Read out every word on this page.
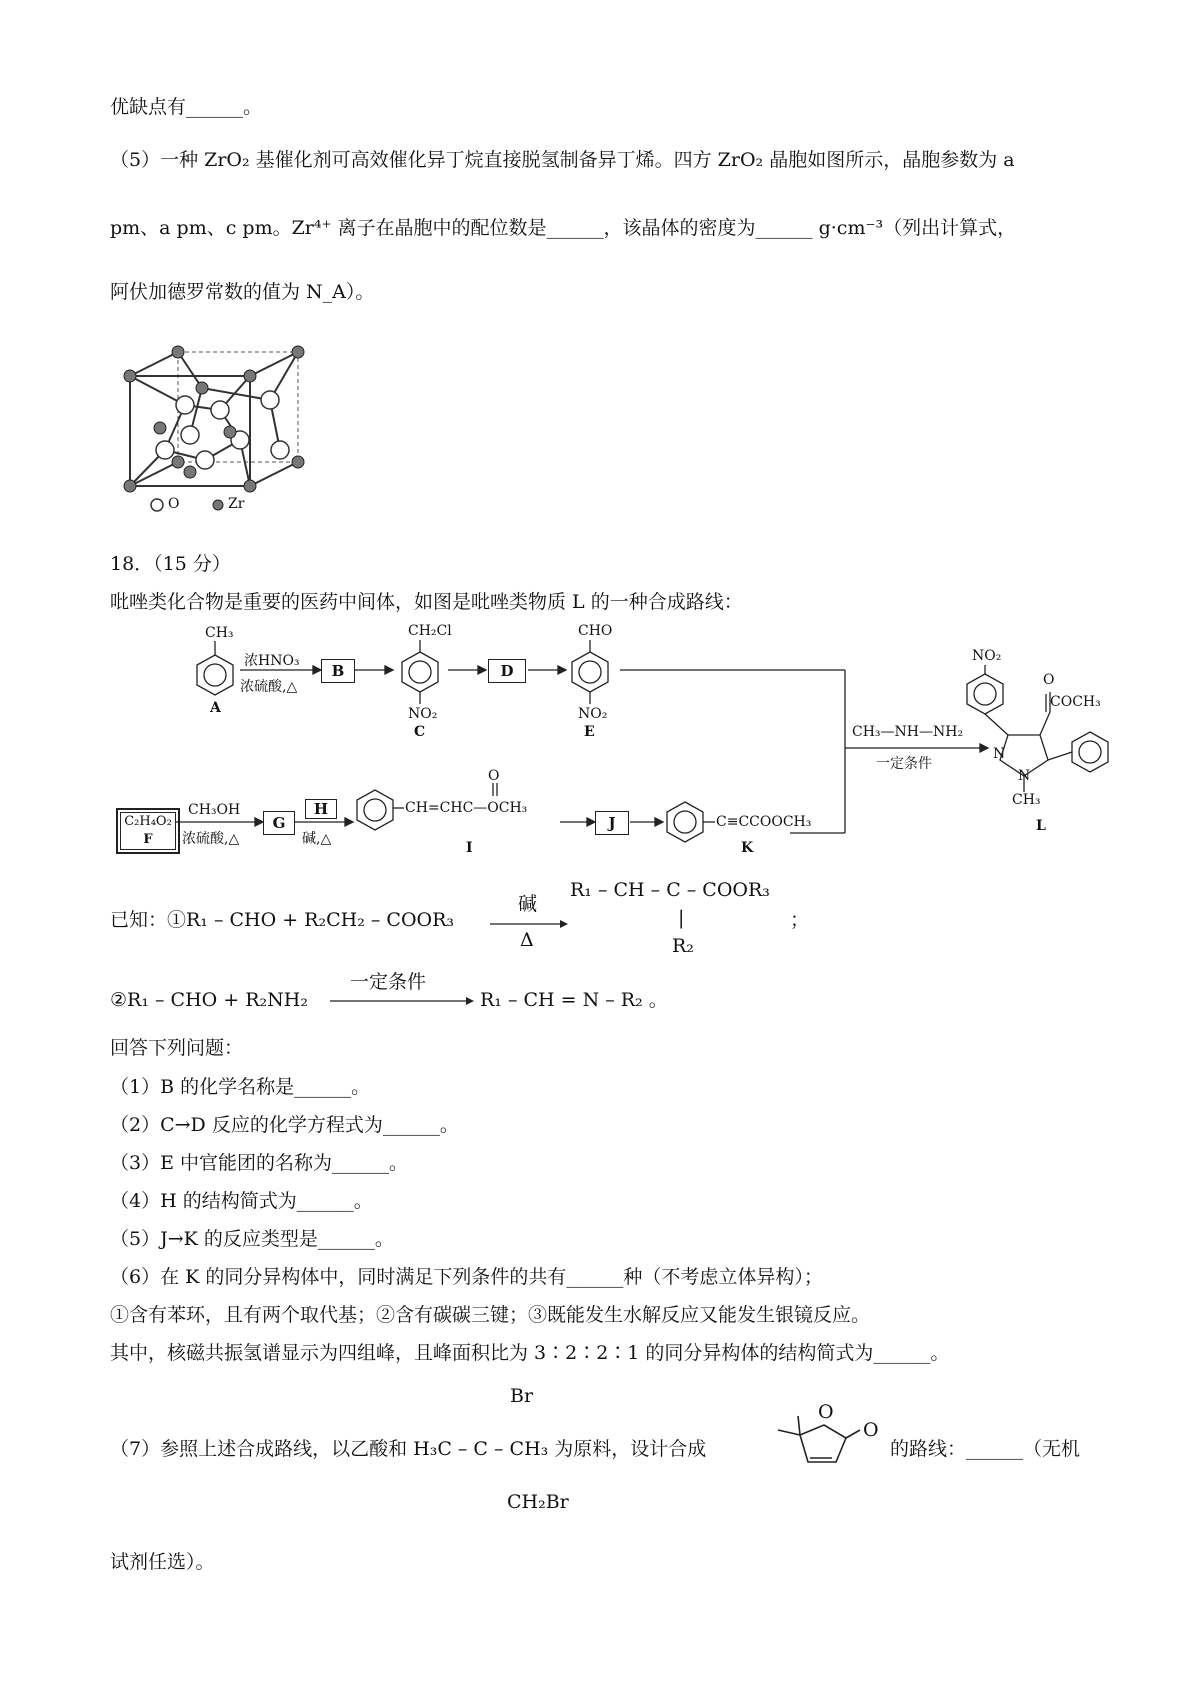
优缺点有______。
（5）一种 ZrO₂ 基催化剂可高效催化异丁烷直接脱氢制备异丁烯。四方 ZrO₂ 晶胞如图所示，晶胞参数为 a
pm、a pm、c pm。Zr⁴⁺ 离子在晶胞中的配位数是______，该晶体的密度为______ g·cm⁻³（列出计算式，
阿伏加德罗常数的值为 N_A）。
O	Zr
18．（15 分）
吡唑类化合物是重要的医药中间体，如图是吡唑类物质 L 的一种合成路线：
CH₃
A
浓HNO₃
浓硫酸,△
B
CH₂Cl
NO₂
C
D
CHO
NO₂
E	CH₃—NH—NH₂
一定条件
NO₂
O
COCH₃
N
N
CH₃
L
C₂H₄O₂
F
CH₃OH
浓硫酸,△
G
H
碱,△
CH=CHC—OCH₃
O
I
J	C≡CCOOCH₃
K
已知：①R₁ – CHO + R₂CH₂ – COOR₃
碱
Δ
R₁ – CH – C – COOR₃
|
R₂
；
②R₁ – CHO + R₂NH₂
一定条件
R₁ – CH = N – R₂ 。
回答下列问题：
（1）B 的化学名称是______。
（2）C→D 反应的化学方程式为______。
（3）E 中官能团的名称为______。
（4）H 的结构简式为______。
（5）J→K 的反应类型是______。
（6）在 K 的同分异构体中，同时满足下列条件的共有______种（不考虑立体异构）；
①含有苯环，且有两个取代基；②含有碳碳三键；③既能发生水解反应又能发生银镜反应。
其中，核磁共振氢谱显示为四组峰，且峰面积比为 3∶2∶2∶1 的同分异构体的结构简式为______。
Br
（7）参照上述合成路线，以乙酸和 H₃C – C – CH₃ 为原料，设计合成
CH₂Br
O
O
的路线：______（无机
试剂任选）。
